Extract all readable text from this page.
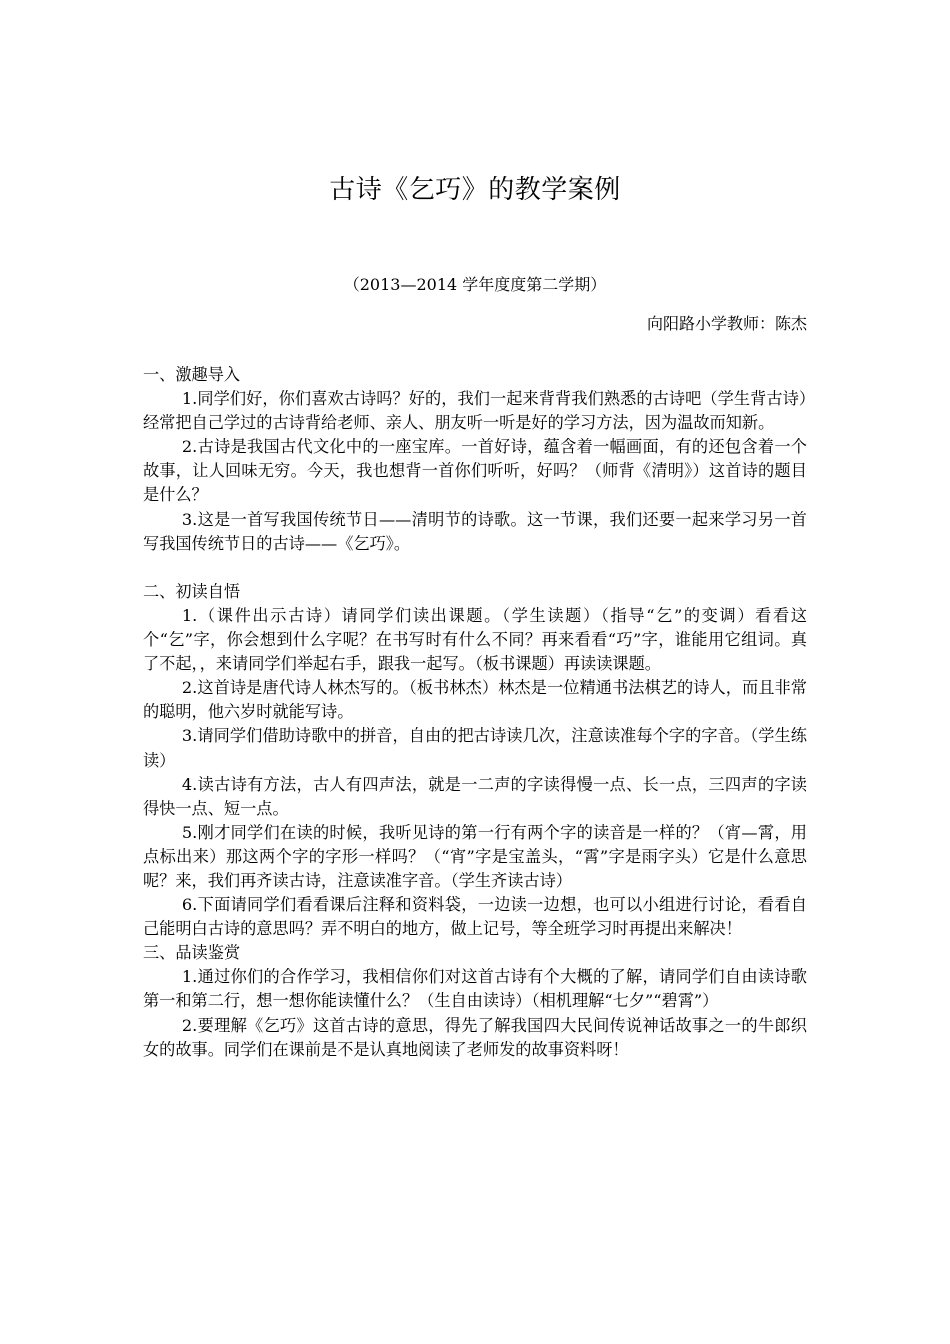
古诗《乞巧》的教学案例
（2013—2014 学年度度第二学期）
向阳路小学教师：陈杰

一、激趣导入

1.同学们好，你们喜欢古诗吗？好的，我们一起来背背我们熟悉的古诗吧（学生背古诗）经常把自己学过的古诗背给老师、亲人、朋友听一听是好的学习方法，因为温故而知新。

2.古诗是我国古代文化中的一座宝库。一首好诗，蕴含着一幅画面，有的还包含着一个故事，让人回味无穷。今天，我也想背一首你们听听，好吗？（师背《清明》）这首诗的题目是什么？

3.这是一首写我国传统节日——清明节的诗歌。这一节课，我们还要一起来学习另一首写我国传统节日的古诗——《乞巧》。

二、初读自悟

1.（课件出示古诗）请同学们读出课题。（学生读题）（指导“乞”的变调）看看这个“乞”字，你会想到什么字呢？在书写时有什么不同？再来看看“巧”字，谁能用它组词。真了不起，，来请同学们举起右手，跟我一起写。（板书课题）再读读课题。

2.这首诗是唐代诗人林杰写的。（板书林杰）林杰是一位精通书法棋艺的诗人，而且非常的聪明，他六岁时就能写诗。

3.请同学们借助诗歌中的拼音，自由的把古诗读几次，注意读准每个字的字音。（学生练读）

4.读古诗有方法，古人有四声法，就是一二声的字读得慢一点、长一点，三四声的字读得快一点、短一点。

5.刚才同学们在读的时候，我听见诗的第一行有两个字的读音是一样的？（宵—霄，用点标出来）那这两个字的字形一样吗？（“宵”字是宝盖头，“霄”字是雨字头）它是什么意思呢？来，我们再齐读古诗，注意读准字音。（学生齐读古诗）

6.下面请同学们看看课后注释和资料袋，一边读一边想，也可以小组进行讨论，看看自己能明白古诗的意思吗？弄不明白的地方，做上记号，等全班学习时再提出来解决！

三、品读鉴赏

1.通过你们的合作学习，我相信你们对这首古诗有个大概的了解，请同学们自由读诗歌第一和第二行，想一想你能读懂什么？（生自由读诗）（相机理解“七夕”“碧霄”）

2.要理解《乞巧》这首古诗的意思，得先了解我国四大民间传说神话故事之一的牛郎织女的故事。同学们在课前是不是认真地阅读了老师发的故事资料呀！
